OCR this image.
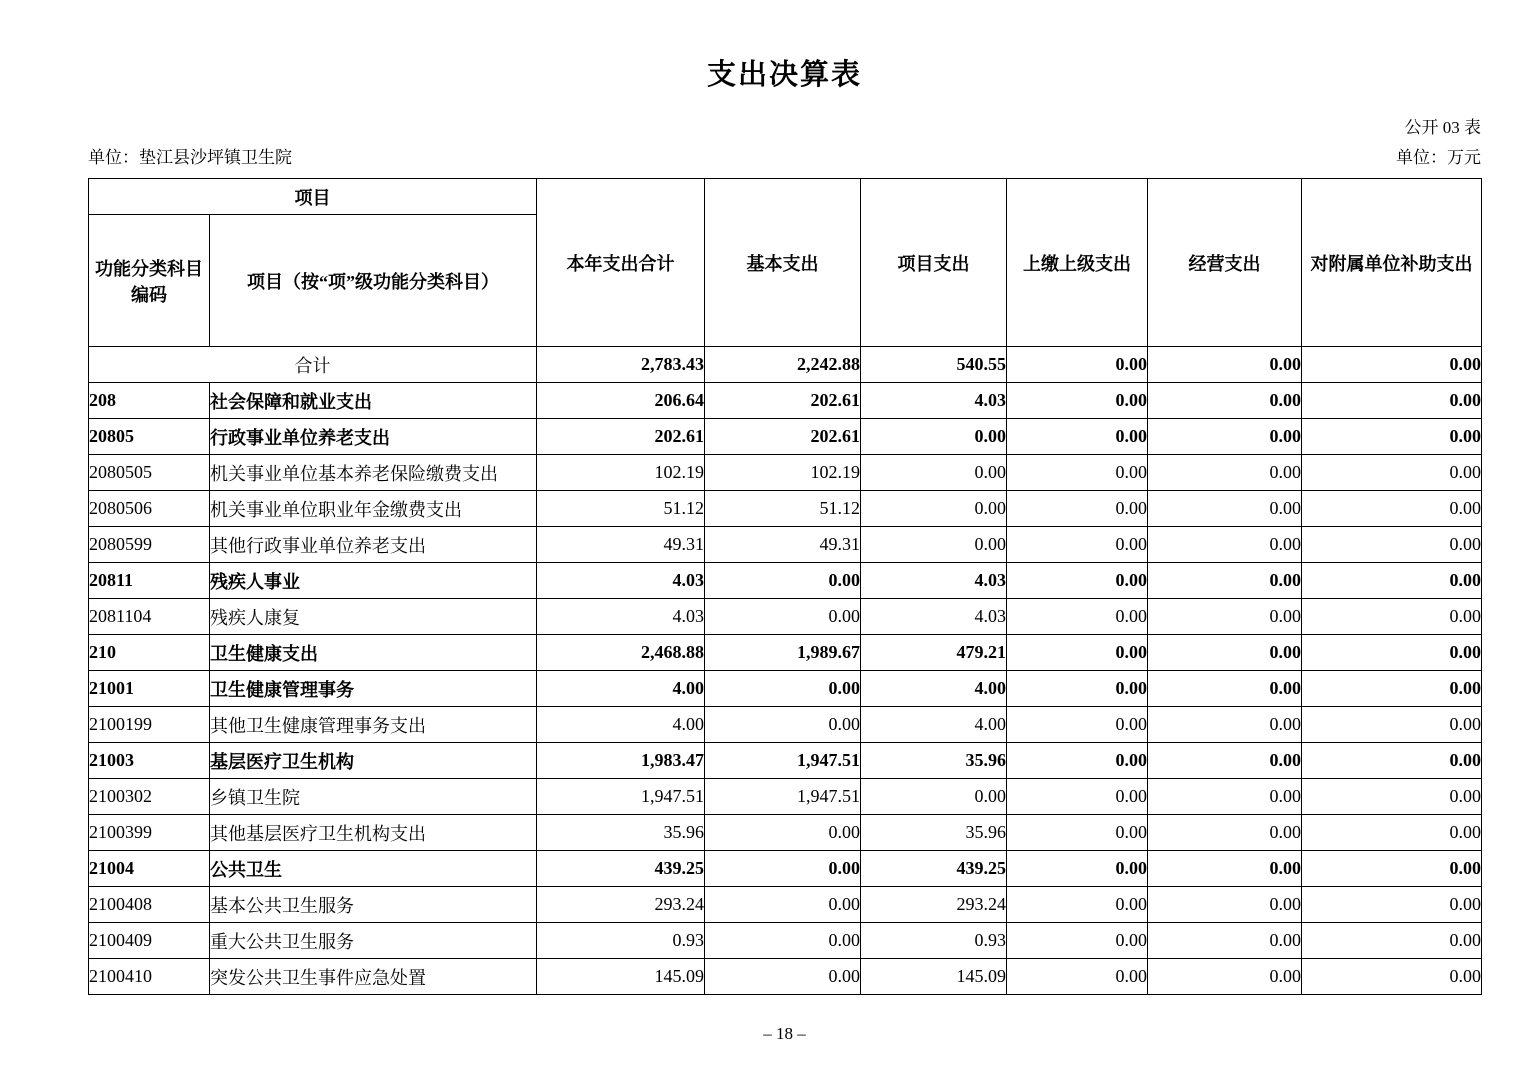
支出决算表
公开 03 表
单位：垫江县沙坪镇卫生院	单位：万元
项目		本年支出合计	基本支出	项目支出	上缴上级支出	经营支出	对附属单位补助支出
功能分类科目编码	项目（按“项”级功能分类科目）						
合计		2,783.43	2,242.88	540.55	0.00	0.00	0.00
208	社会保障和就业支出	206.64	202.61	4.03	0.00	0.00	0.00
20805	行政事业单位养老支出	202.61	202.61	0.00	0.00	0.00	0.00
2080505	机关事业单位基本养老保险缴费支出	102.19	102.19	0.00	0.00	0.00	0.00
2080506	机关事业单位职业年金缴费支出	51.12	51.12	0.00	0.00	0.00	0.00
2080599	其他行政事业单位养老支出	49.31	49.31	0.00	0.00	0.00	0.00
20811	残疾人事业	4.03	0.00	4.03	0.00	0.00	0.00
2081104	残疾人康复	4.03	0.00	4.03	0.00	0.00	0.00
210	卫生健康支出	2,468.88	1,989.67	479.21	0.00	0.00	0.00
21001	卫生健康管理事务	4.00	0.00	4.00	0.00	0.00	0.00
2100199	其他卫生健康管理事务支出	4.00	0.00	4.00	0.00	0.00	0.00
21003	基层医疗卫生机构	1,983.47	1,947.51	35.96	0.00	0.00	0.00
2100302	乡镇卫生院	1,947.51	1,947.51	0.00	0.00	0.00	0.00
2100399	其他基层医疗卫生机构支出	35.96	0.00	35.96	0.00	0.00	0.00
21004	公共卫生	439.25	0.00	439.25	0.00	0.00	0.00
2100408	基本公共卫生服务	293.24	0.00	293.24	0.00	0.00	0.00
2100409	重大公共卫生服务	0.93	0.00	0.93	0.00	0.00	0.00
2100410	突发公共卫生事件应急处置	145.09	0.00	145.09	0.00	0.00	0.00
– 18 –
